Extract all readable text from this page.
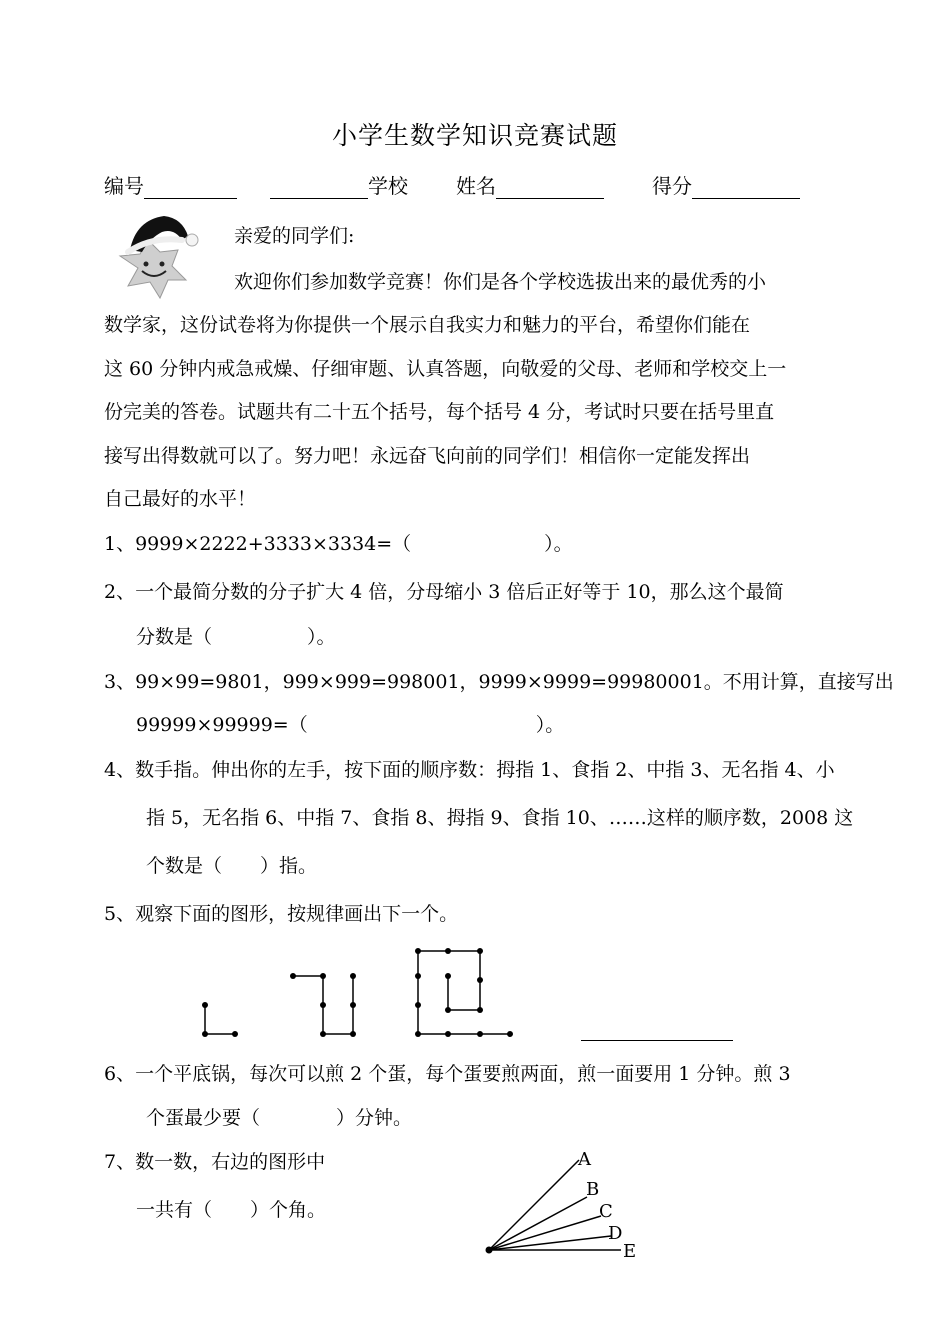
小学生数学知识竞赛试题
编号	学校 姓名	得分
亲爱的同学们:
欢迎你们参加数学竞赛！你们是各个学校选拔出来的最优秀的小
数学家，这份试卷将为你提供一个展示自我实力和魅力的平台，希望你们能在
这 60 分钟内戒急戒燥、仔细审题、认真答题，向敬爱的父母、老师和学校交上一
份完美的答卷。试题共有二十五个括号，每个括号 4 分，考试时只要在括号里直
接写出得数就可以了。努力吧！永远奋飞向前的同学们！相信你一定能发挥出
自己最好的水平！
1、9999×2222+3333×3334=（　　　　　　　）。
2、一个最简分数的分子扩大 4 倍，分母缩小 3 倍后正好等于 10，那么这个最简
分数是（　　　　　）。
3、99×99=9801，999×999=998001，9999×9999=99980001。不用计算，直接写出
99999×99999=（　　　　　　　　　　　　）。
4、数手指。伸出你的左手，按下面的顺序数：拇指 1、食指 2、中指 3、无名指 4、小
指 5，无名指 6、中指 7、食指 8、拇指 9、食指 10、……这样的顺序数，2008 这
个数是（　　）指。
5、观察下面的图形，按规律画出下一个。
6、一个平底锅，每次可以煎 2 个蛋，每个蛋要煎两面，煎一面要用 1 分钟。煎 3
个蛋最少要（　　　　）分钟。
7、数一数，右边的图形中
一共有（　　）个角。
A
B
C
D
E
